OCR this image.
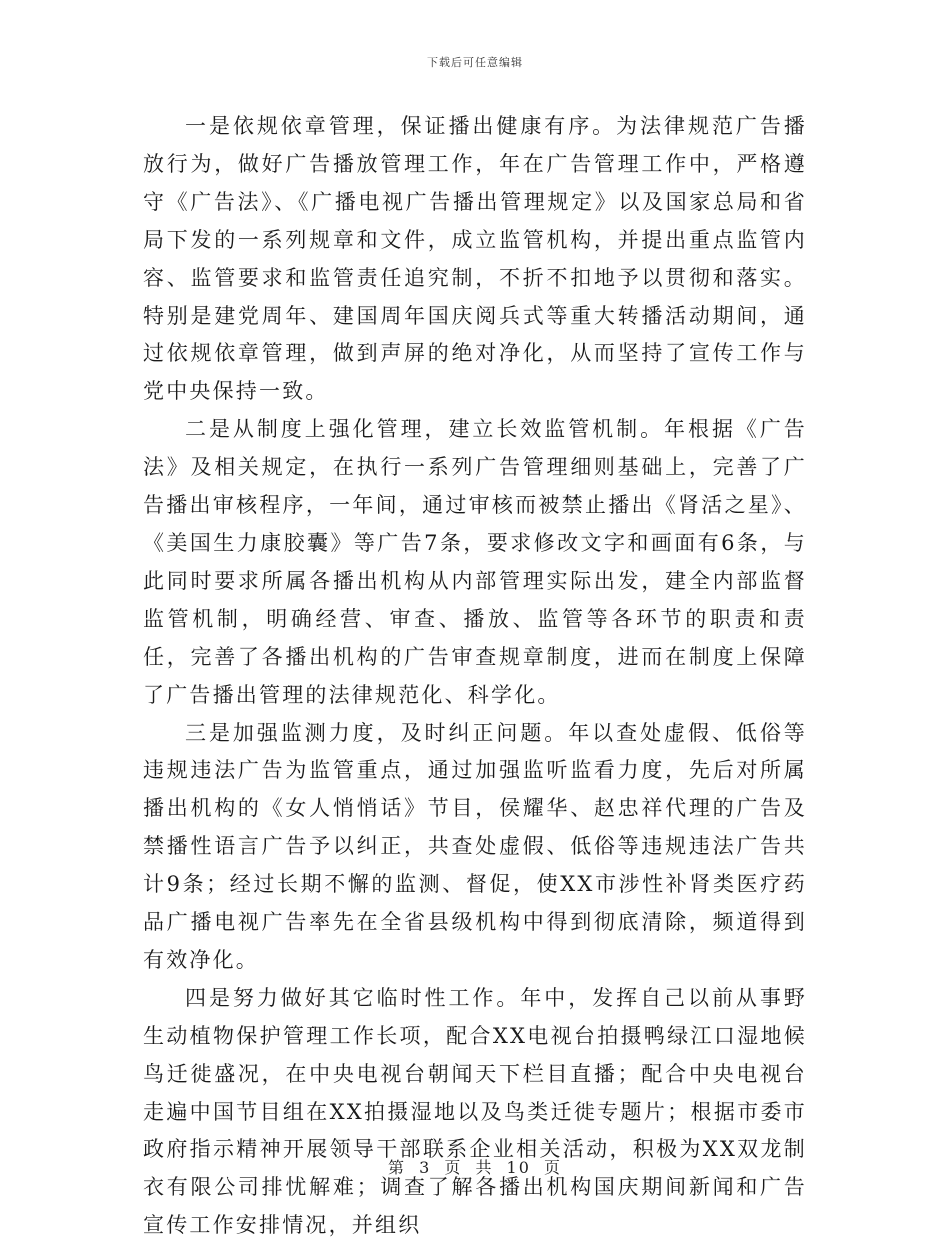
下载后可任意编辑

一是依规依章管理，保证播出健康有序。为法律规范广告播放行为，做好广告播放管理工作，年在广告管理工作中，严格遵守《广告法》、《广播电视广告播出管理规定》以及国家总局和省局下发的一系列规章和文件，成立监管机构，并提出重点监管内容、监管要求和监管责任追究制，不折不扣地予以贯彻和落实。特别是建党周年、建国周年国庆阅兵式等重大转播活动期间，通过依规依章管理，做到声屏的绝对净化，从而坚持了宣传工作与党中央保持一致。

二是从制度上强化管理，建立长效监管机制。年根据《广告法》及相关规定，在执行一系列广告管理细则基础上，完善了广告播出审核程序，一年间，通过审核而被禁止播出《肾活之星》、《美国生力康胶囊》等广告7条，要求修改文字和画面有6条，与此同时要求所属各播出机构从内部管理实际出发，建全内部监督监管机制，明确经营、审查、播放、监管等各环节的职责和责任，完善了各播出机构的广告审查规章制度，进而在制度上保障了广告播出管理的法律规范化、科学化。

三是加强监测力度，及时纠正问题。年以查处虚假、低俗等违规违法广告为监管重点，通过加强监听监看力度，先后对所属播出机构的《女人悄悄话》节目，侯耀华、赵忠祥代理的广告及禁播性语言广告予以纠正，共查处虚假、低俗等违规违法广告共计9条；经过长期不懈的监测、督促，使XX市涉性补肾类医疗药品广播电视广告率先在全省县级机构中得到彻底清除，频道得到有效净化。

四是努力做好其它临时性工作。年中，发挥自己以前从事野生动植物保护管理工作长项，配合XX电视台拍摄鸭绿江口湿地候鸟迁徙盛况，在中央电视台朝闻天下栏目直播；配合中央电视台走遍中国节目组在XX拍摄湿地以及鸟类迁徙专题片；根据市委市政府指示精神开展领导干部联系企业相关活动，积极为XX双龙制衣有限公司排忧解难；调查了解各播出机构国庆期间新闻和广告宣传工作安排情况，并组织

第 3 页 共 10 页
